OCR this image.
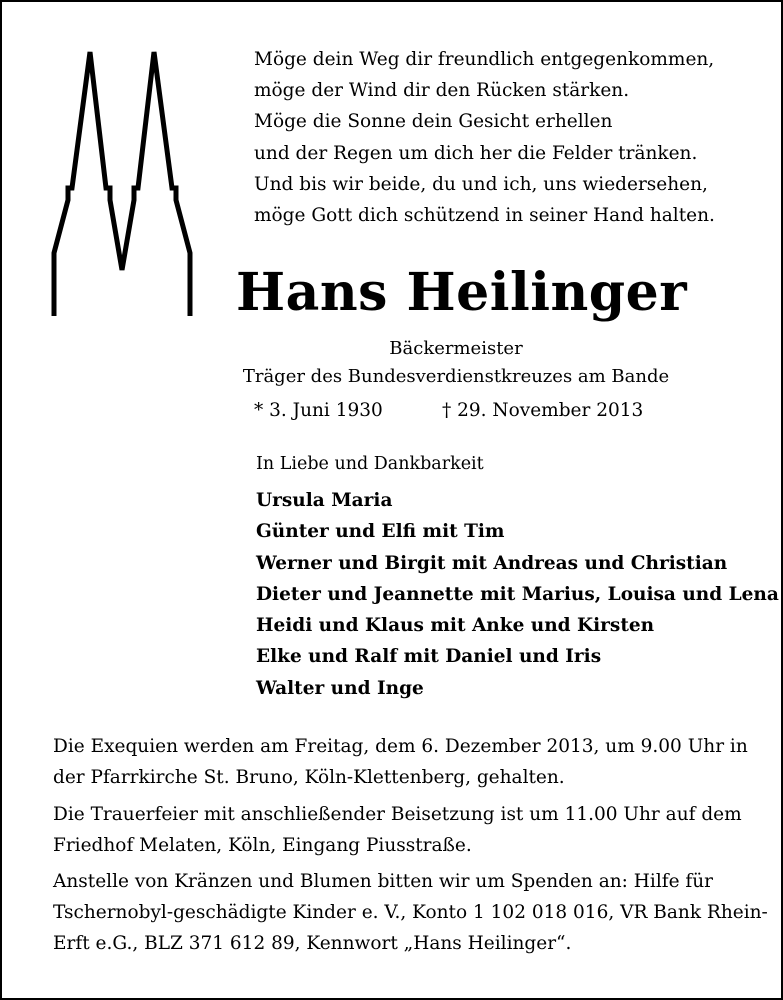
Möge dein Weg dir freundlich entgegenkommen,
möge der Wind dir den Rücken stärken.
Möge die Sonne dein Gesicht erhellen
und der Regen um dich her die Felder tränken.
Und bis wir beide, du und ich, uns wiedersehen,
möge Gott dich schützend in seiner Hand halten.
Hans Heilinger
Bäckermeister
Träger des Bundesverdienstkreuzes am Bande
* 3. Juni 1930	† 29. November 2013
In Liebe und Dankbarkeit
Ursula Maria
Günter und Elfi mit Tim
Werner und Birgit mit Andreas und Christian
Dieter und Jeannette mit Marius, Louisa und Lena
Heidi und Klaus mit Anke und Kirsten
Elke und Ralf mit Daniel und Iris
Walter und Inge
Die Exequien werden am Freitag, dem 6. Dezember 2013, um 9.00 Uhr in
der Pfarrkirche St. Bruno, Köln-Klettenberg, gehalten.
Die Trauerfeier mit anschließender Beisetzung ist um 11.00 Uhr auf dem
Friedhof Melaten, Köln, Eingang Piusstraße.
Anstelle von Kränzen und Blumen bitten wir um Spenden an: Hilfe für
Tschernobyl-geschädigte Kinder e. V., Konto 1 102 018 016, VR Bank Rhein-
Erft e.G., BLZ 371 612 89, Kennwort „Hans Heilinger“.
